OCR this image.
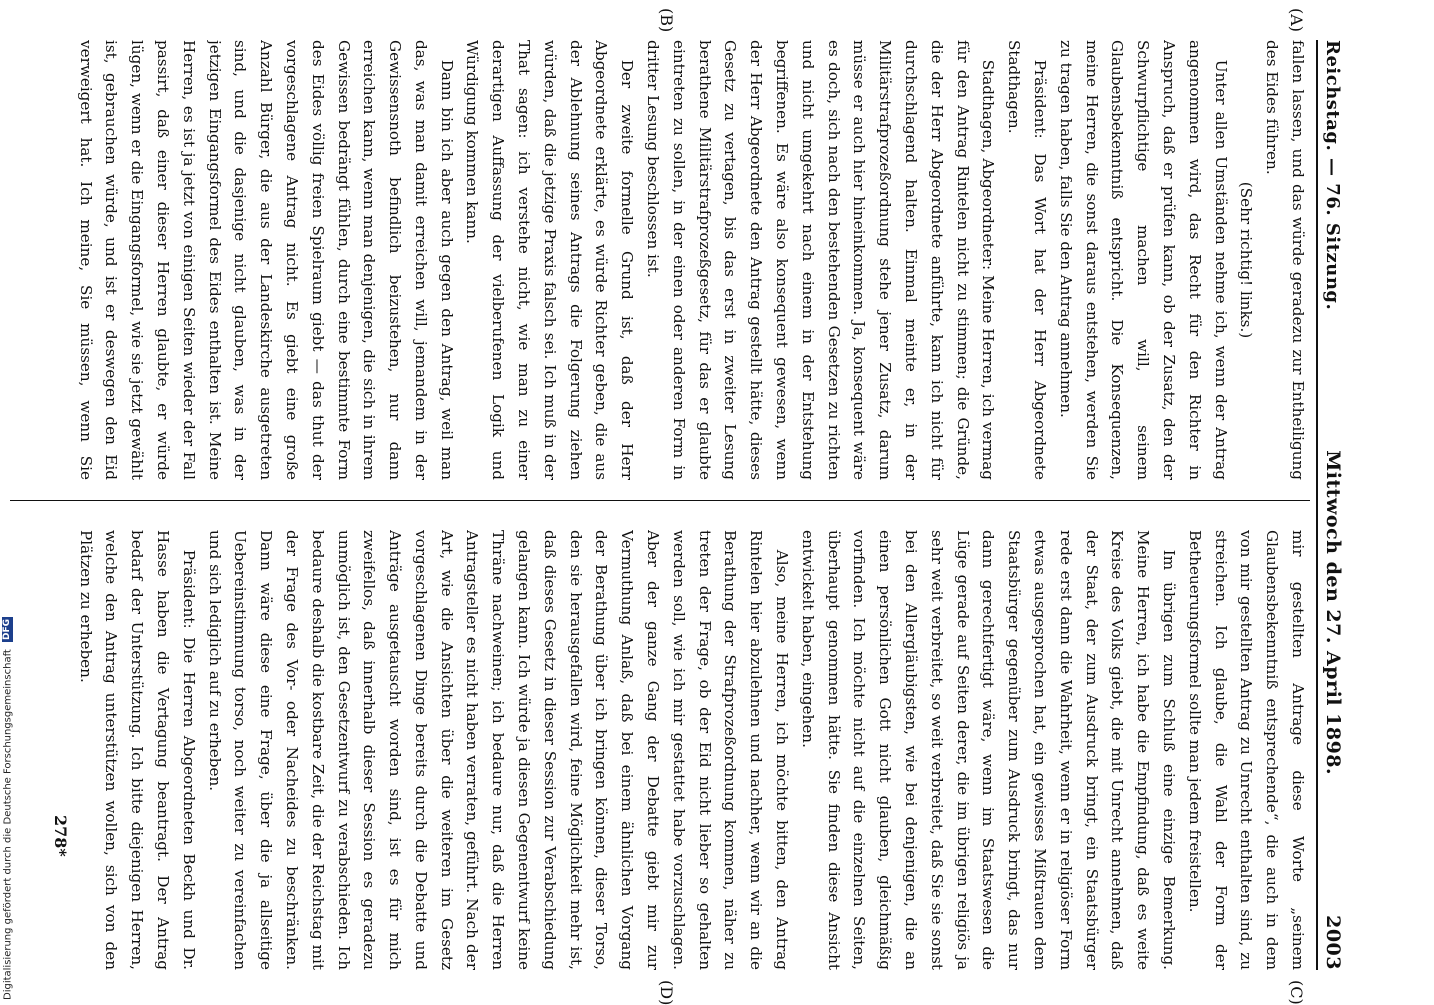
Reichstag. — 76. Sitzung.
Mittwoch den 27. April 1898.
2003
(A)
(B)
(C)
(D)

fallen lassen, und das würde geradezu zur Entheiligung des Eides führen.

(Sehr richtig! links.)

Unter allen Umständen nehme ich, wenn der Antrag angenommen wird, das Recht für den Richter in Anspruch, daß er prüfen kann, ob der Zusatz, den der Schwurpflichtige machen will, seinem Glaubensbekenntniß entspricht. Die Konsequenzen, meine Herren, die sonst daraus entstehen, werden Sie zu tragen haben, falls Sie den Antrag annehmen.

Präsident: Das Wort hat der Herr Abgeordnete Stadthagen.

Stadthagen, Abgeordneter: Meine Herren, ich vermag für den Antrag Rintelen nicht zu stimmen; die Gründe, die der Herr Abgeordnete anführte, kann ich nicht für durchschlagend halten. Einmal meinte er, in der Militärstrafprozeßordnung stehe jener Zusatz, darum müsse er auch hier hineinkommen. Ja, konsequent wäre es doch, sich nach den bestehenden Gesetzen zu richten und nicht umgekehrt nach einem in der Entstehung begriffenen. Es wäre also konsequent gewesen, wenn der Herr Abgeordnete den Antrag gestellt hätte, dieses Gesetz zu vertagen, bis das erst in zweiter Lesung berathene Militärstrafprozeßgesetz, für das er glaubte eintreten zu sollen, in der einen oder anderen Form in dritter Lesung beschlossen ist.

Der zweite formelle Grund ist, daß der Herr Abgeordnete erklärte, es würde Richter geben, die aus der Ablehnung seines Antrags die Folgerung ziehen würden, daß die jetzige Praxis falsch sei. Ich muß in der That sagen: ich verstehe nicht, wie man zu einer derartigen Auffassung der vielberufenen Logik und Würdigung kommen kann.

Dann bin ich aber auch gegen den Antrag, weil man das, was man damit erreichen will, jemandem in der Gewissensnoth befindlich beizustehen, nur dann erreichen kann, wenn man denjenigen, die sich in ihrem Gewissen bedrängt fühlen, durch eine bestimmte Form des Eides völlig freien Spielraum giebt — das thut der vorgeschlagene Antrag nicht. Es giebt eine große Anzahl Bürger, die aus der Landeskirche ausgetreten sind, und die dasjenige nicht glauben, was in der jetzigen Eingangsformel des Eides enthalten ist. Meine Herren, es ist ja jetzt von einigen Seiten wieder der Fall passirt, daß einer dieser Herren glaubte, er würde lügen, wenn er die Eingangsformel, wie sie jetzt gewählt ist, gebrauchen würde, und ist er deswegen den Eid verweigert hat. Ich meine, Sie müssen, wenn Sie

mir gestellten Antrage diese Worte „seinem Glaubensbekenntniß entsprechende“, die auch in dem von mir gestellten Antrag zu Unrecht enthalten sind, zu streichen. Ich glaube, die Wahl der Form der Betheuerungsformel sollte man jedem freistellen.

Im übrigen zum Schluß eine einzige Bemerkung. Meine Herren, ich habe die Empfindung, daß es weite Kreise des Volks giebt, die mit Unrecht annehmen, daß der Staat, der zum Ausdruck bringt, ein Staatsbürger rede erst dann die Wahrheit, wenn er in religiöser Form etwas ausgesprochen hat, ein gewisses Mißtrauen dem Staatsbürger gegenüber zum Ausdruck bringt, das nur dann gerechtfertigt wäre, wenn im Staatswesen die Lüge gerade auf Seiten derer, die im übrigen religiös ja sehr weit verbreitet, so weit verbreitet, daß Sie sie sonst bei den Allergläubigsten, wie bei denjenigen, die an einen persönlichen Gott nicht glauben, gleichmäßig vorfinden. Ich möchte nicht auf die einzelnen Seiten, überhaupt genommen hätte. Sie finden diese Ansicht entwickelt haben, eingehen.

Also, meine Herren, ich möchte bitten, den Antrag Rintelen hier abzulehnen und nachher, wenn wir an die Berathung der Strafprozeßordnung kommen, näher zu treten der Frage, ob der Eid nicht lieber so gehalten werden soll, wie ich mir gestattet habe vorzuschlagen. Aber der ganze Gang der Debatte giebt mir zur Vermuthung Anlaß, daß bei einem ähnlichen Vorgang der Berathung über ich bringen können, dieser Torso, den sie herausgefallen wird, feine Möglichkeit mehr ist, daß dieses Gesetz in dieser Session zur Verabschiedung gelangen kann. Ich würde ja diesen Gegenentwurf keine Thräne nachweinen; ich bedaure nur, daß die Herren Antragsteller es nicht haben verraten, geführt. Nach der Art, wie die Ansichten über die weiteren im Gesetz vorgeschlagenen Dinge bereits durch die Debatte und Anträge ausgetauscht worden sind, ist es für mich zweifellos, daß innerhalb dieser Session es geradezu unmöglich ist, den Gesetzentwurf zu verabschieden. Ich bedaure deshalb die kostbare Zeit, die der Reichstag mit der Frage des Vor- oder Nacheides zu beschränken. Dann wäre diese eine Frage, über die ja allseitige Uebereinstimmung torso, noch weiter zu vereinfachen und sich lediglich auf zu erheben.

Präsident: Die Herren Abgeordneten Beckh und Dr. Hasse haben die Vertagung beantragt. Der Antrag bedarf der Unterstützung. Ich bitte diejenigen Herren, welche den Antrag unterstützen wollen, sich von den Plätzen zu erheben.

278*
Digitalisierung gefördert durch die Deutsche Forschungsgemeinschaft DFG
